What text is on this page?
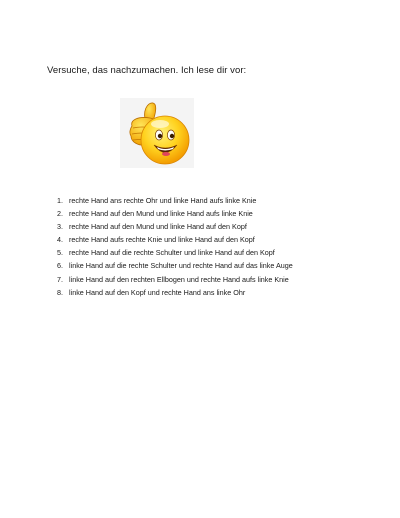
Versuche, das nachzumachen. Ich lese dir vor:
1. rechte Hand ans rechte Ohr und linke Hand aufs linke Knie
2. rechte Hand auf den Mund und linke Hand aufs linke Knie
3. rechte Hand auf den Mund und linke Hand auf den Kopf
4. rechte Hand aufs rechte Knie und linke Hand auf den Kopf
5. rechte Hand auf die rechte Schulter und linke Hand auf den Kopf
6. linke Hand auf die rechte Schulter und rechte Hand auf das linke Auge
7. linke Hand auf den rechten Ellbogen und rechte Hand aufs linke Knie
8. linke Hand auf den Kopf und rechte Hand ans linke Ohr
